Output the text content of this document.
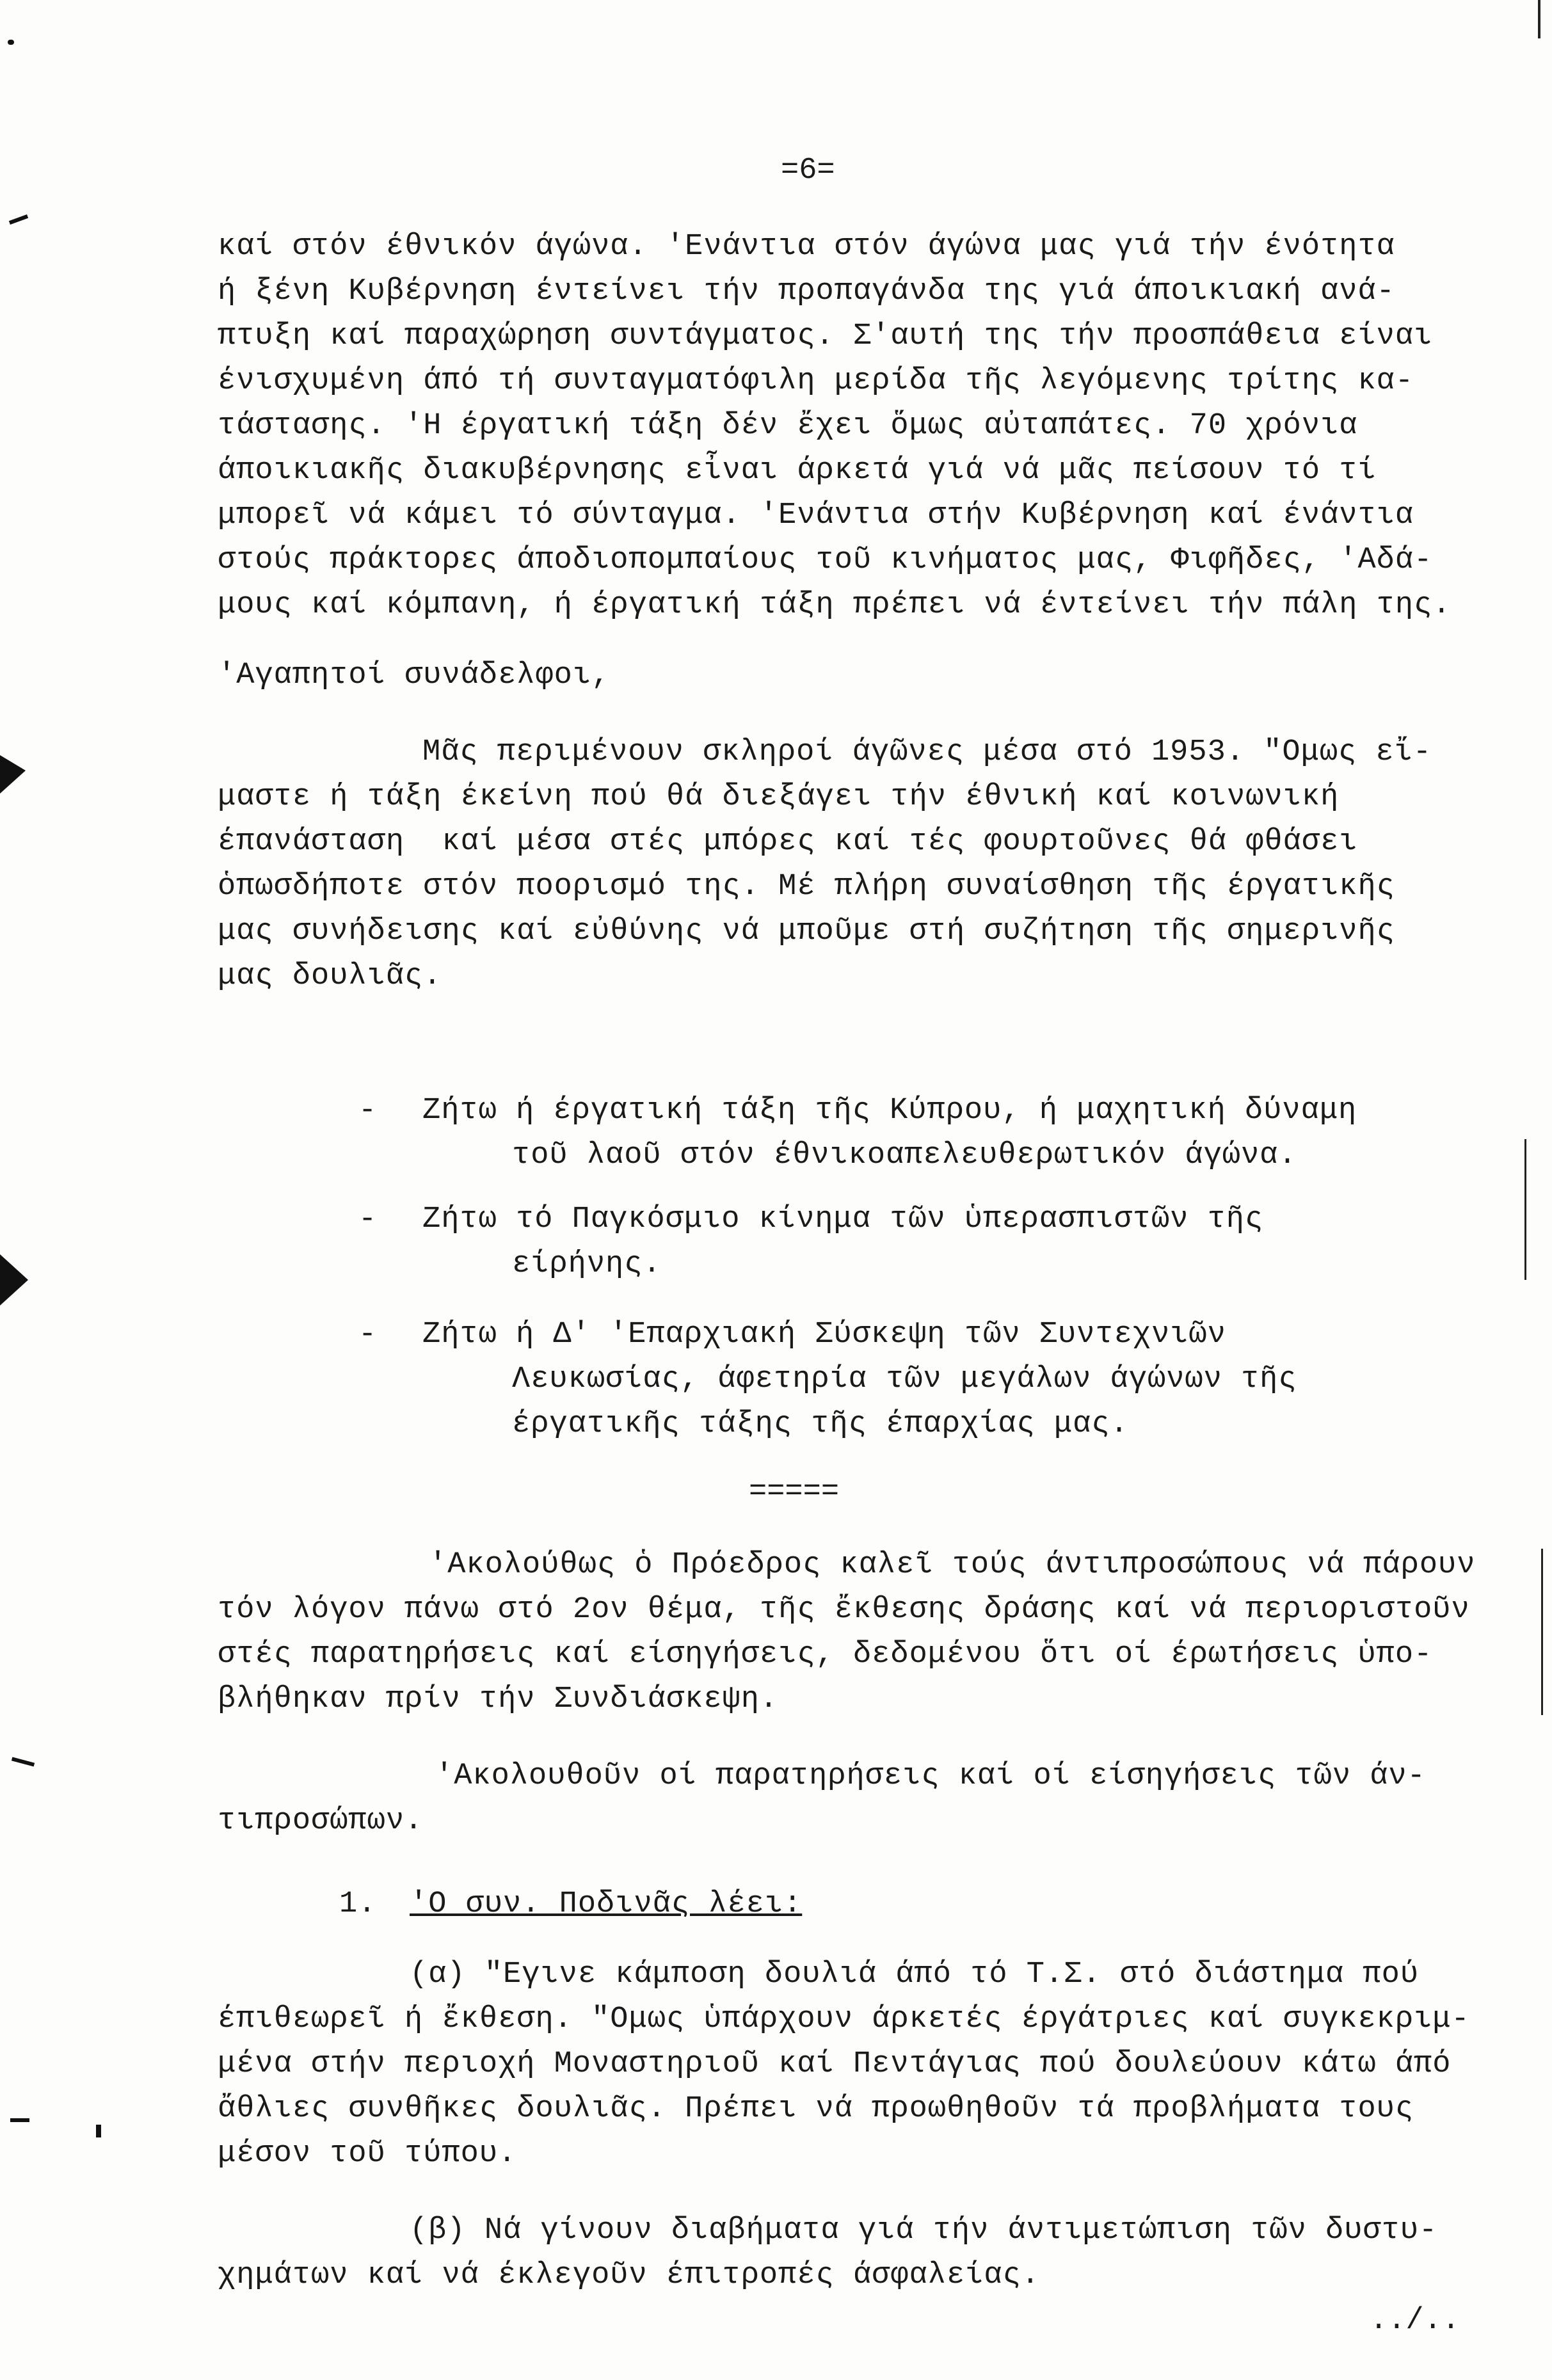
=6=
καί στόν έθνικόν άγώνα. 'Ενάντια στόν άγώνα μας γιά τήν ένότητα
ή ξένη Κυβέρνηση έντείνει τήν προπαγάνδα της γιά άποικιακή ανά-
πτυξη καί παραχώρηση συντάγματος. Σ'αυτή της τήν προσπάθεια είναι
ένισχυμένη άπό τή συνταγματόφιλη μερίδα τῆς λεγόμενης τρίτης κα-
τάστασης. 'Η έργατική τάξη δέν ἔχει ὅμως αὐταπάτες. 70 χρόνια
άποικιακῆς διακυβέρνησης εἶναι άρκετά γιά νά μᾶς πείσουν τό τί
μπορεῖ νά κάμει τό σύνταγμα. 'Ενάντια στήν Κυβέρνηση καί ένάντια
στούς πράκτορες άποδιοπομπαίους τοῦ κινήματος μας, Φιφῆδες, 'Αδά-
μους καί κόμπανη, ή έργατική τάξη πρέπει νά έντείνει τήν πάλη της.
'Αγαπητοί συνάδελφοι,
Μᾶς περιμένουν σκληροί άγῶνες μέσα στό 1953. "Ομως εἴ-
μαστε ή τάξη έκείνη πού θά διεξάγει τήν έθνική καί κοινωνική
έπανάσταση  καί μέσα στές μπόρες καί τές φουρτοῦνες θά φθάσει
ὁπωσδήποτε στόν ποορισμό της. Μέ πλήρη συναίσθηση τῆς έργατικῆς
μας συνήδεισης καί εὐθύνης νά μποῦμε στή συζήτηση τῆς σημερινῆς
μας δουλιᾶς.
- Ζήτω ή έργατική τάξη τῆς Κύπρου, ή μαχητική δύναμη
τοῦ λαοῦ στόν έθνικοαπελευθερωτικόν άγώνα.
- Ζήτω τό Παγκόσμιο κίνημα τῶν ὑπερασπιστῶν τῆς
είρήνης.
- Ζήτω ή Δ' 'Επαρχιακή Σύσκεψη τῶν Συντεχνιῶν
Λευκωσίας, άφετηρία τῶν μεγάλων άγώνων τῆς
έργατικῆς τάξης τῆς έπαρχίας μας.
=====
'Ακολούθως ὁ Πρόεδρος καλεῖ τούς άντιπροσώπους νά πάρουν
τόν λόγον πάνω στό 2ον θέμα, τῆς ἔκθεσης δράσης καί νά περιοριστοῦν
στές παρατηρήσεις καί είσηγήσεις, δεδομένου ὅτι οί έρωτήσεις ὑπο-
βλήθηκαν πρίν τήν Συνδιάσκεψη.
'Ακολουθοῦν οί παρατηρήσεις καί οί είσηγήσεις τῶν άν-
τιπροσώπων.
1. 'Ο συν. Ποδινᾶς λέει:
(α) "Εγινε κάμποση δουλιά άπό τό Τ.Σ. στό διάστημα πού
έπιθεωρεῖ ή ἔκθεση. "Ομως ὑπάρχουν άρκετές έργάτριες καί συγκεκριμ-
μένα στήν περιοχή Μοναστηριοῦ καί Πεντάγιας πού δουλεύουν κάτω άπό
ἄθλιες συνθῆκες δουλιᾶς. Πρέπει νά προωθηθοῦν τά προβλήματα τους
μέσον τοῦ τύπου.
(β) Νά γίνουν διαβήματα γιά τήν άντιμετώπιση τῶν δυστυ-
χημάτων καί νά έκλεγοῦν έπιτροπές άσφαλείας.
../..
